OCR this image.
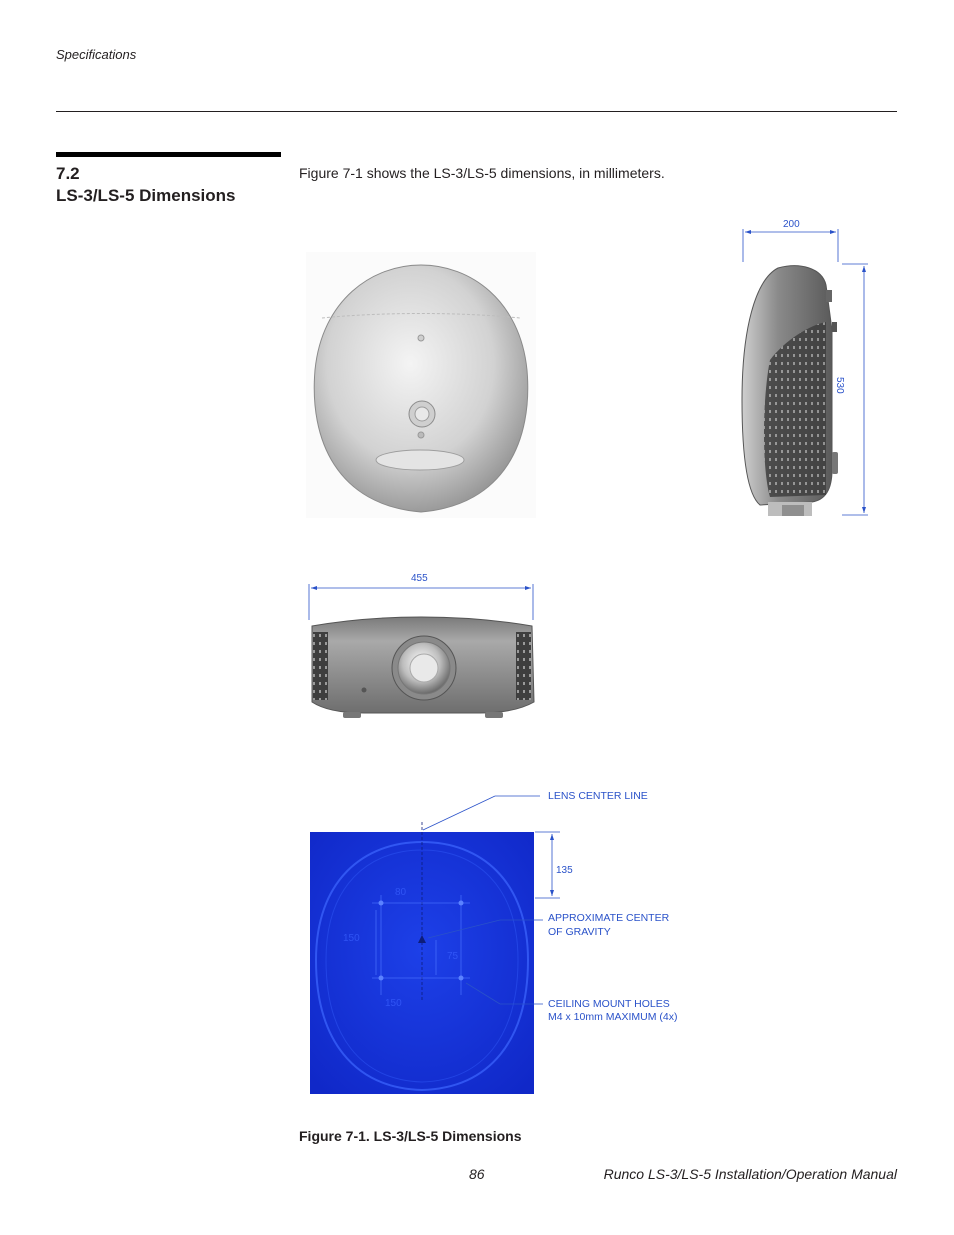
Specifications
7.2
LS-3/LS-5 Dimensions
Figure 7-1 shows the LS-3/LS-5 dimensions, in millimeters.
200
530
455
135
80
150
75
150
LENS CENTER LINE
APPROXIMATE CENTER
OF GRAVITY
CEILING MOUNT HOLES
M4 x 10mm MAXIMUM (4x)
Figure 7-1. LS-3/LS-5 Dimensions
86	Runco LS-3/LS-5 Installation/Operation Manual
